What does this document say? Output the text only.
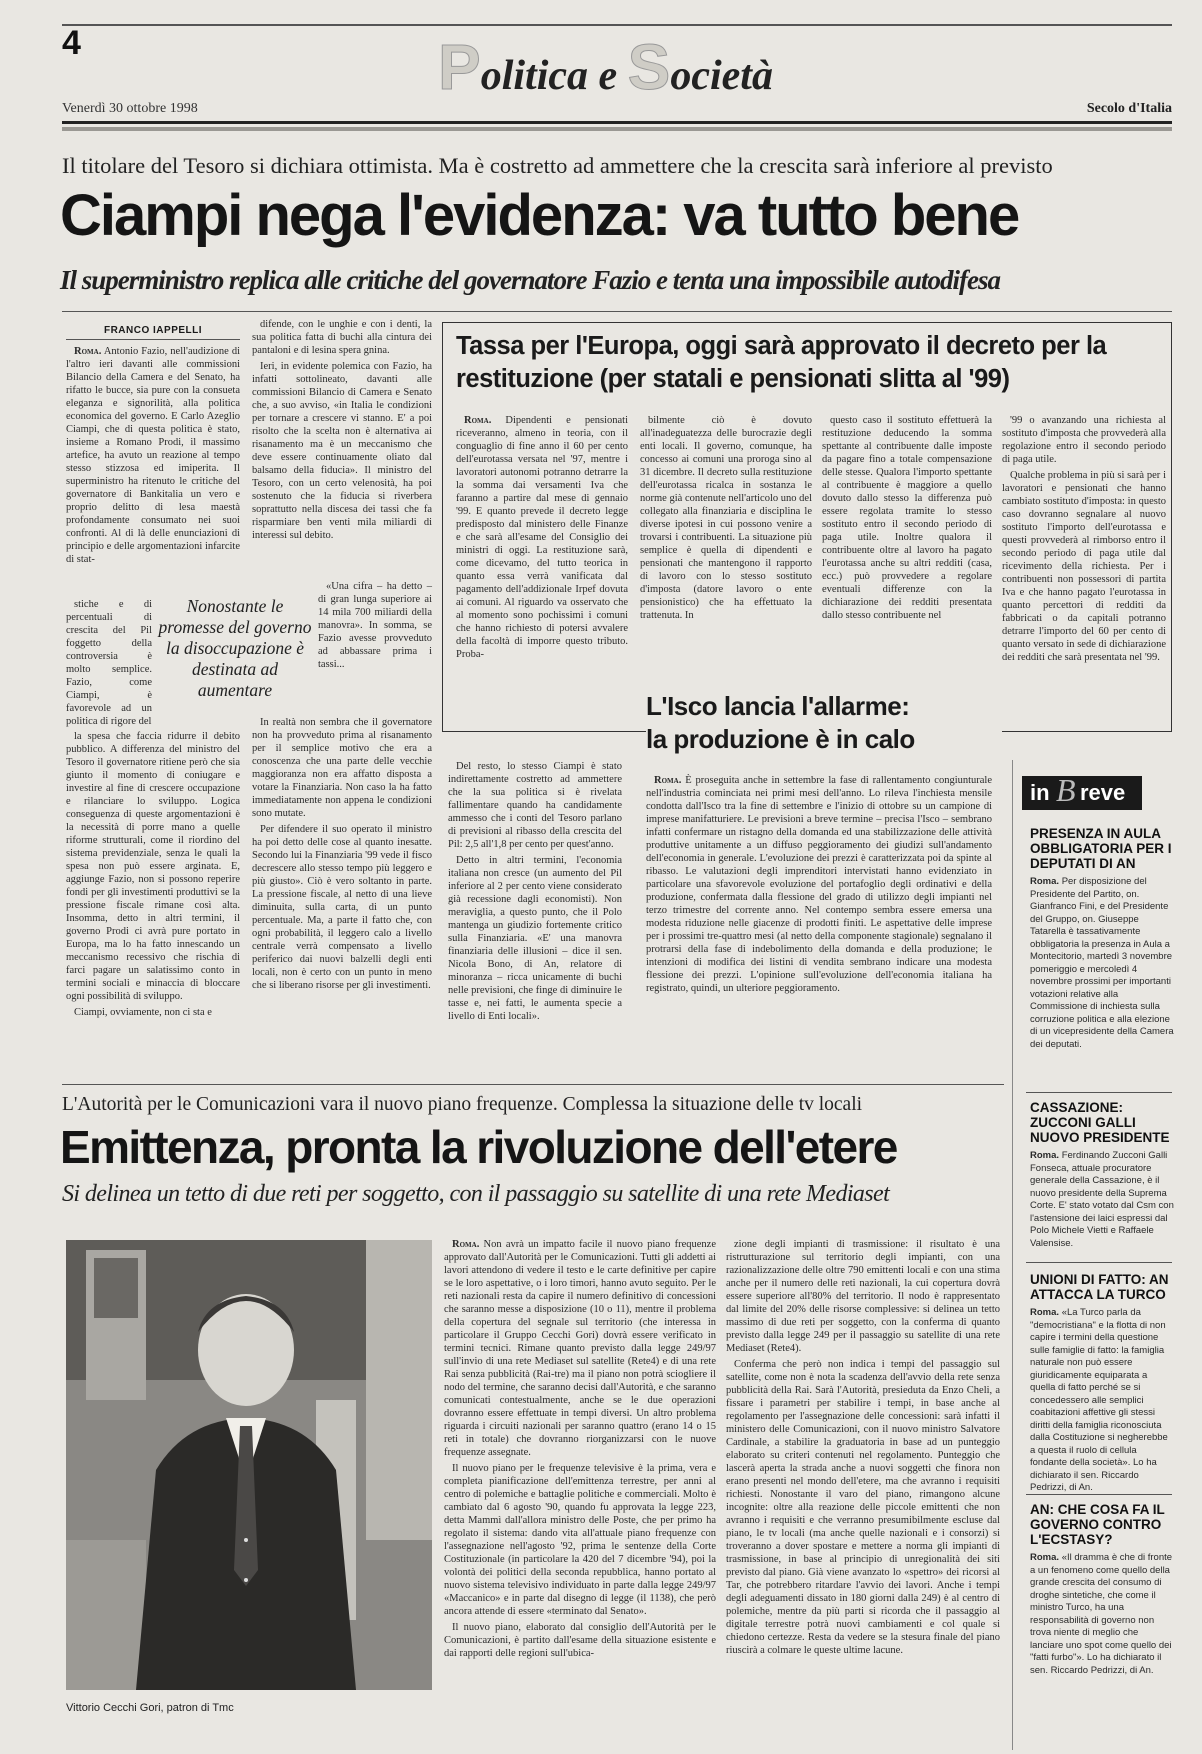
4	Politica e Società
Venerdì 30 ottobre 1998	Secolo d'Italia
Il titolare del Tesoro si dichiara ottimista. Ma è costretto ad ammettere che la crescita sarà inferiore al previsto
Ciampi nega l'evidenza: va tutto bene
Il superministro replica alle critiche del governatore Fazio e tenta una impossibile autodifesa
FRANCO IAPPELLI

Roma. Antonio Fazio, nell'audizione di l'altro ieri davanti alle commissioni Bilancio della Camera e del Senato, ha rifatto le bucce, sia pure con la consueta eleganza e signorilità, alla politica economica del governo. E Carlo Azeglio Ciampi, che di questa politica è stato, insieme a Romano Prodi, il massimo artefice, ha avuto un reazione al tempo stesso stizzosa ed imiperita. Il superministro ha ritenuto le critiche del governatore di Bankitalia un vero e proprio delitto di lesa maestà profondamente consumato nei suoi confronti. Al di là delle enunciazioni di principio e delle argomentazioni infarcite di stat-

stiche e di percentuali di crescita del Pil foggetto della controversia è molto semplice. Fazio, come Ciampi, è favorevole ad un politica di rigore del

la spesa che faccia ridurre il debito pubblico. A differenza del ministro del Tesoro il governatore ritiene però che sia giunto il momento di coniugare e investire al fine di crescere occupazione e rilanciare lo sviluppo. Logica conseguenza di queste argomentazioni è la necessità di porre mano a quelle riforme strutturali, come il riordino del sistema previdenziale, senza le quali la spesa non può essere arginata. E, aggiunge Fazio, non si possono reperire fondi per gli investimenti produttivi se la pressione fiscale rimane così alta. Insomma, detto in altri termini, il governo Prodi ci avrà pure portato in Europa, ma lo ha fatto innescando un meccanismo recessivo che rischia di farci pagare un salatissimo conto in termini sociali e minaccia di bloccare ogni possibilità di sviluppo.

Ciampi, ovviamente, non ci sta e

Nonostante le promesse del governo la disoccupazione è destinata ad aumentare

difende, con le unghie e con i denti, la sua politica fatta di buchi alla cintura dei pantaloni e di lesina spera gnina.

Ieri, in evidente polemica con Fazio, ha infatti sottolineato, davanti alle commissioni Bilancio di Camera e Senato che, a suo avviso, «in Italia le condizioni per tornare a crescere vi stanno. E' a poi risolto che la scelta non è alternativa ai risanamento ma è un meccanismo che deve essere continuamente oliato dal balsamo della fiducia». Il ministro del Tesoro, con un certo velenosità, ha poi sostenuto che la fiducia si riverbera soprattutto nella discesa dei tassi che fa risparmiare ben venti mila miliardi di interessi sul debito.

«Una cifra – ha detto – di gran lunga superiore ai 14 mila 700 miliardi della manovra». In somma, se Fazio avesse provveduto ad abbassare prima i tassi...

In realtà non sembra che il governatore non ha provveduto prima al risanamento per il semplice motivo che era a conoscenza che una parte delle vecchie maggioranza non era affatto disposta a votare la Finanziaria. Non caso la ha fatto immediatamente non appena le condizioni sono mutate.

Per difendere il suo operato il ministro ha poi detto delle cose al quanto inesatte. Secondo lui la Finanziaria '99 vede il fisco decrescere allo stesso tempo più leggero e più giusto». Ciò è vero soltanto in parte. La pressione fiscale, al netto di una lieve diminuita, sulla carta, di un punto percentuale. Ma, a parte il fatto che, con ogni probabilità, il leggero calo a livello centrale verrà compensato a livello periferico dai nuovi balzelli degli enti locali, non è certo con un punto in meno che si liberano risorse per gli investimenti.

Del resto, lo stesso Ciampi è stato indirettamente costretto ad ammettere che la sua politica si è rivelata fallimentare quando ha candidamente ammesso che i conti del Tesoro parlano di previsioni al ribasso della crescita del Pil: 2,5 all'1,8 per cento per quest'anno.

Detto in altri termini, l'economia italiana non cresce (un aumento del Pil inferiore al 2 per cento viene considerato già recessione dagli economisti). Non meraviglia, a questo punto, che il Polo mantenga un giudizio fortemente critico sulla Finanziaria. «E' una manovra finanziaria delle illusioni – dice il sen. Nicola Bono, di An, relatore di minoranza – ricca unicamente di buchi nelle previsioni, che finge di diminuire le tasse e, nei fatti, le aumenta specie a livello di Enti locali».

Tassa per l'Europa, oggi sarà approvato il decreto per la restituzione (per statali e pensionati slitta al '99)

Roma. Dipendenti e pensionati riceveranno, almeno in teoria, con il conguaglio di fine anno il 60 per cento dell'eurotassa versata nel '97, mentre i lavoratori autonomi potranno detrarre la la somma dai versamenti Iva che faranno a partire dal mese di gennaio '99. E quanto prevede il decreto legge predisposto dal ministero delle Finanze e che sarà all'esame del Consiglio dei ministri di oggi. La restituzione sarà, come dicevamo, del tutto teorica in quanto essa verrà vanificata dal pagamento dell'addizionale Irpef dovuta ai comuni. Al riguardo va osservato che al momento sono pochissimi i comuni che hanno richiesto di potersi avvalere della facoltà di imporre questo tributo. Proba-

bilmente ciò è dovuto all'inadeguatezza delle burocrazie degli enti locali. Il governo, comunque, ha concesso ai comuni una proroga sino al 31 dicembre. Il decreto sulla restituzione dell'eurotassa ricalca in sostanza le norme già contenute nell'articolo uno del collegato alla finanziaria e disciplina le diverse ipotesi in cui possono venire a trovarsi i contribuenti. La situazione più semplice è quella di dipendenti e pensionati che mantengono il rapporto di lavoro con lo stesso sostituto d'imposta (datore lavoro o ente pensionistico) che ha effettuato la trattenuta. In

questo caso il sostituto effettuerà la restituzione deducendo la somma spettante al contribuente dalle imposte da pagare fino a totale compensazione delle stesse. Qualora l'importo spettante al contribuente è maggiore a quello dovuto dallo stesso la differenza può essere regolata tramite lo stesso sostituto entro il secondo periodo di paga utile. Inoltre qualora il contribuente oltre al lavoro ha pagato l'eurotassa anche su altri redditi (casa, ecc.) può provvedere a regolare eventuali differenze con la dichiarazione dei redditi presentata dallo stesso contribuente nel

'99 o avanzando una richiesta al sostituto d'imposta che provvederà alla regolazione entro il secondo periodo di paga utile.

Qualche problema in più si sarà per i lavoratori e pensionati che hanno cambiato sostituto d'imposta: in questo caso dovranno segnalare al nuovo sostituto l'importo dell'eurotassa e questi provvederà al rimborso entro il secondo periodo di paga utile dal ricevimento della richiesta. Per i contribuenti non possessori di partita Iva e che hanno pagato l'eurotassa in quanto percettori di redditi da fabbricati o da capitali potranno detrarre l'importo del 60 per cento di quanto versato in sede di dichiarazione dei redditi che sarà presentata nel '99.

L'Isco lancia l'allarme:
la produzione è in calo

Roma. È proseguita anche in settembre la fase di rallentamento congiunturale nell'industria cominciata nei primi mesi dell'anno. Lo rileva l'inchiesta mensile condotta dall'Isco tra la fine di settembre e l'inizio di ottobre su un campione di imprese manifatturiere. Le previsioni a breve termine – precisa l'Isco – sembrano infatti confermare un ristagno della domanda ed una stabilizzazione delle attività produttive unitamente a un diffuso peggioramento dei giudizi sull'andamento dell'economia in generale. L'evoluzione dei prezzi è caratterizzata poi da spinte al ribasso. Le valutazioni degli imprenditori intervistati hanno evidenziato in particolare una sfavorevole evoluzione del portafoglio degli ordinativi e della produzione, confermata dalla flessione del grado di utilizzo degli impianti nel terzo trimestre del corrente anno. Nel contempo sembra essere emersa una modesta riduzione nelle giacenze di prodotti finiti. Le aspettative delle imprese per i prossimi tre-quattro mesi (al netto della componente stagionale) segnalano il protrarsi della fase di indebolimento della domanda e della produzione; le intenzioni di modifica dei listini di vendita sembrano indicare una modesta flessione dei prezzi. L'opinione sull'evoluzione dell'economia italiana ha registrato, quindi, un ulteriore peggioramento.

in B reve
PRESENZA IN AULA OBBLIGATORIA PER I DEPUTATI DI AN

Roma. Per disposizione del Presidente del Partito, on. Gianfranco Fini, e del Presidente del Gruppo, on. Giuseppe Tatarella è tassativamente obbligatoria la presenza in Aula a Montecitorio, martedì 3 novembre pomeriggio e mercoledì 4 novembre prossimi per importanti votazioni relative alla Commissione di inchiesta sulla corruzione politica e alla elezione di un vicepresidente della Camera dei deputati.

CASSAZIONE: ZUCCONI GALLI NUOVO PRESIDENTE

Roma. Ferdinando Zucconi Galli Fonseca, attuale procuratore generale della Cassazione, è il nuovo presidente della Suprema Corte. E' stato votato dal Csm con l'astensione dei laici espressi dal Polo Michele Vietti e Raffaele Valensise.

UNIONI DI FATTO: AN ATTACCA LA TURCO

Roma. «La Turco parla da "democristiana" e la flotta di non capire i termini della questione sulle famiglie di fatto: la famiglia naturale non può essere giuridicamente equiparata a quella di fatto perché se si concedessero alle semplici coabitazioni affettive gli stessi diritti della famiglia riconosciuta dalla Costituzione si negherebbe a questa il ruolo di cellula fondante della società». Lo ha dichiarato il sen. Riccardo Pedrizzi, di An.

AN: CHE COSA FA IL GOVERNO CONTRO L'ECSTASY?

Roma. «Il dramma è che di fronte a un fenomeno come quello della grande crescita del consumo di droghe sintetiche, che come il ministro Turco, ha una responsabilità di governo non trova niente di meglio che lanciare uno spot come quello dei "fatti furbo"». Lo ha dichiarato il sen. Riccardo Pedrizzi, di An.

L'Autorità per le Comunicazioni vara il nuovo piano frequenze. Complessa la situazione delle tv locali
Emittenza, pronta la rivoluzione dell'etere
Si delinea un tetto di due reti per soggetto, con il passaggio su satellite di una rete Mediaset
Vittorio Cecchi Gori, patron di Tmc

Roma. Non avrà un impatto facile il nuovo piano frequenze approvato dall'Autorità per le Comunicazioni. Tutti gli addetti ai lavori attendono di vedere il testo e le carte definitive per capire se le loro aspettative, o i loro timori, hanno avuto seguito. Per le reti nazionali resta da capire il numero definitivo di concessioni che saranno messe a disposizione (10 o 11), mentre il problema della copertura del segnale sul territorio (che interessa in particolare il Gruppo Cecchi Gori) dovrà essere verificato in termini tecnici. Rimane quanto previsto dalla legge 249/97 sull'invio di una rete Mediaset sul satellite (Rete4) e di una rete Rai senza pubblicità (Rai-tre) ma il piano non potrà sciogliere il nodo del termine, che saranno decisi dall'Autorità, e che saranno comunicati contestualmente, anche se le due operazioni dovranno essere effettuate in tempi diversi. Un altro problema riguarda i circuiti nazionali per saranno quattro (erano 14 o 15 reti in totale) che dovranno riorganizzarsi con le nuove frequenze assegnate.

Il nuovo piano per le frequenze televisive è la prima, vera e completa pianificazione dell'emittenza terrestre, per anni al centro di polemiche e battaglie politiche e commerciali. Molto è cambiato dal 6 agosto '90, quando fu approvata la legge 223, detta Mammì dall'allora ministro delle Poste, che per primo ha regolato il sistema: dando vita all'attuale piano frequenze con l'assegnazione nell'agosto '92, prima le sentenze della Corte Costituzionale (in particolare la 420 del 7 dicembre '94), poi la volontà dei politici della seconda repubblica, hanno portato al nuovo sistema televisivo individuato in parte dalla legge 249/97 «Maccanico» e in parte dal disegno di legge (il 1138), che però ancora attende di essere «terminato dal Senato».

Il nuovo piano, elaborato dal consiglio dell'Autorità per le Comunicazioni, è partito dall'esame della situazione esistente e dai rapporti delle regioni sull'ubica-

zione degli impianti di trasmissione: il risultato è una ristrutturazione sul territorio degli impianti, con una razionalizzazione delle oltre 790 emittenti locali e con una stima anche per il numero delle reti nazionali, la cui copertura dovrà essere superiore all'80% del territorio. Il nodo è rappresentato dal limite del 20% delle risorse complessive: si delinea un tetto massimo di due reti per soggetto, con la conferma di quanto previsto dalla legge 249 per il passaggio su satellite di una rete Mediaset (Rete4).

Conferma che però non indica i tempi del passaggio sul satellite, come non è nota la scadenza dell'avvio della rete senza pubblicità della Rai. Sarà l'Autorità, presieduta da Enzo Cheli, a fissare i parametri per stabilire i tempi, in base anche al regolamento per l'assegnazione delle concessioni: sarà infatti il ministero delle Comunicazioni, con il nuovo ministro Salvatore Cardinale, a stabilire la graduatoria in base ad un punteggio elaborato su criteri contenuti nel regolamento. Punteggio che lascerà aperta la strada anche a nuovi soggetti che finora non erano presenti nel mondo dell'etere, ma che avranno i requisiti richiesti. Nonostante il varo del piano, rimangono alcune incognite: oltre alla reazione delle piccole emittenti che non avranno i requisiti e che verranno presumibilmente escluse dal piano, le tv locali (ma anche quelle nazionali e i consorzi) si troveranno a dover spostare e mettere a norma gli impianti di trasmissione, in base al principio di unregionalità dei siti previsto dal piano. Già viene avanzato lo «spettro» dei ricorsi al Tar, che potrebbero ritardare l'avvio dei lavori. Anche i tempi degli adeguamenti dissato in 180 giorni dalla 249) è al centro di polemiche, mentre da più parti si ricorda che il passaggio al digitale terrestre potrà nuovi cambiamenti e col quale si chiedono certezze. Resta da vedere se la stesura finale del piano riuscirà a colmare le queste ultime lacune.
